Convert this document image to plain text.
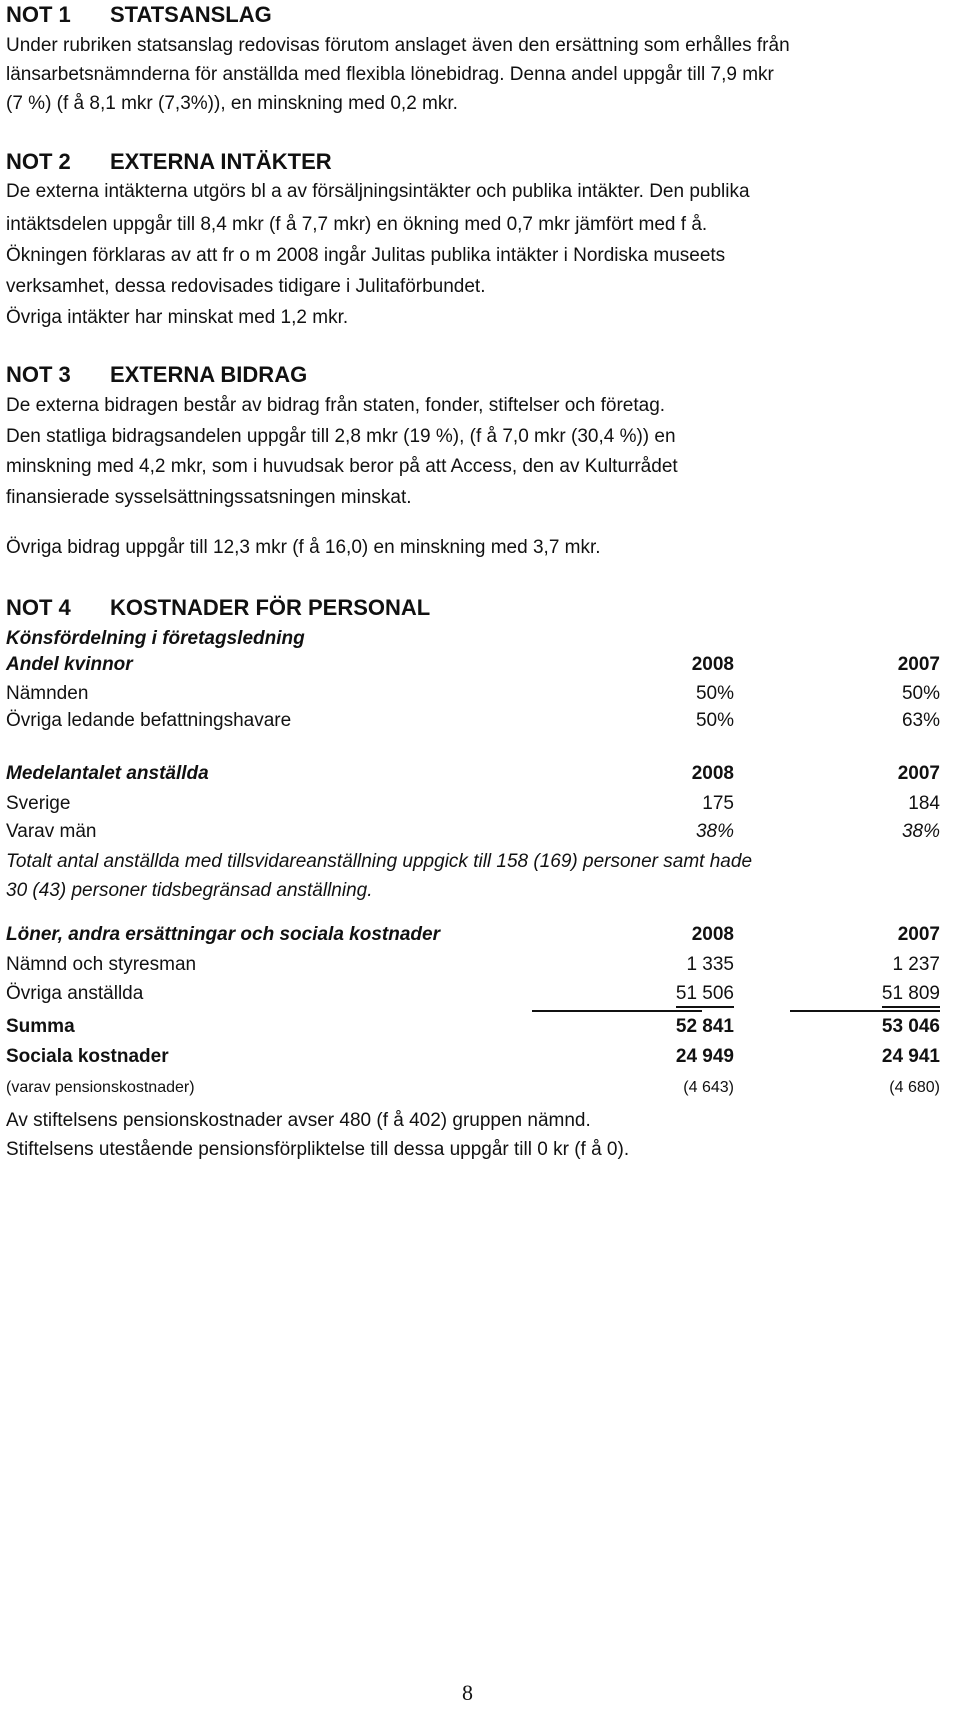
NOT 1 STATSANSLAG
Under rubriken statsanslag redovisas förutom anslaget även den ersättning som erhålles från
länsarbetsnämnderna för anställda med flexibla lönebidrag. Denna andel uppgår till 7,9 mkr
(7 %) (f å 8,1 mkr (7,3%)), en minskning med 0,2 mkr.
NOT 2 EXTERNA INTÄKTER
De externa intäkterna utgörs bl a av försäljningsintäkter och publika intäkter. Den publika
intäktsdelen uppgår till 8,4 mkr (f å 7,7 mkr) en ökning med 0,7 mkr jämfört med f å.
Ökningen förklaras av att fr o m 2008 ingår Julitas publika intäkter i Nordiska museets
verksamhet, dessa redovisades tidigare i Julitaförbundet.
Övriga intäkter har minskat med 1,2 mkr.
NOT 3 EXTERNA BIDRAG
De externa bidragen består av bidrag från staten, fonder, stiftelser och företag.
Den statliga bidragsandelen uppgår till 2,8 mkr (19 %), (f å 7,0 mkr (30,4 %)) en
minskning med 4,2 mkr, som i huvudsak beror på att Access, den av Kulturrådet
finansierade sysselsättningssatsningen minskat.
Övriga bidrag uppgår till 12,3 mkr (f å 16,0) en minskning med 3,7 mkr.
NOT 4 KOSTNADER FÖR PERSONAL
Könsfördelning i företagsledning
Andel kvinnor	2008	2007
Nämnden	50%	50%
Övriga ledande befattningshavare	50%	63%
Medelantalet anställda	2008	2007
Sverige	175	184
Varav män	38%	38%
Totalt antal anställda med tillsvidareanställning uppgick till 158 (169) personer samt hade
30 (43) personer tidsbegränsad anställning.
Löner, andra ersättningar och sociala kostnader	2008	2007
Nämnd och styresman	1 335	1 237
Övriga anställda	51 506	51 809
Summa	52 841	53 046
Sociala kostnader	24 949	24 941
(varav pensionskostnader)	(4 643)	(4 680)
Av stiftelsens pensionskostnader avser 480 (f å 402) gruppen nämnd.
Stiftelsens utestående pensionsförpliktelse till dessa uppgår till 0 kr (f å 0).
8
